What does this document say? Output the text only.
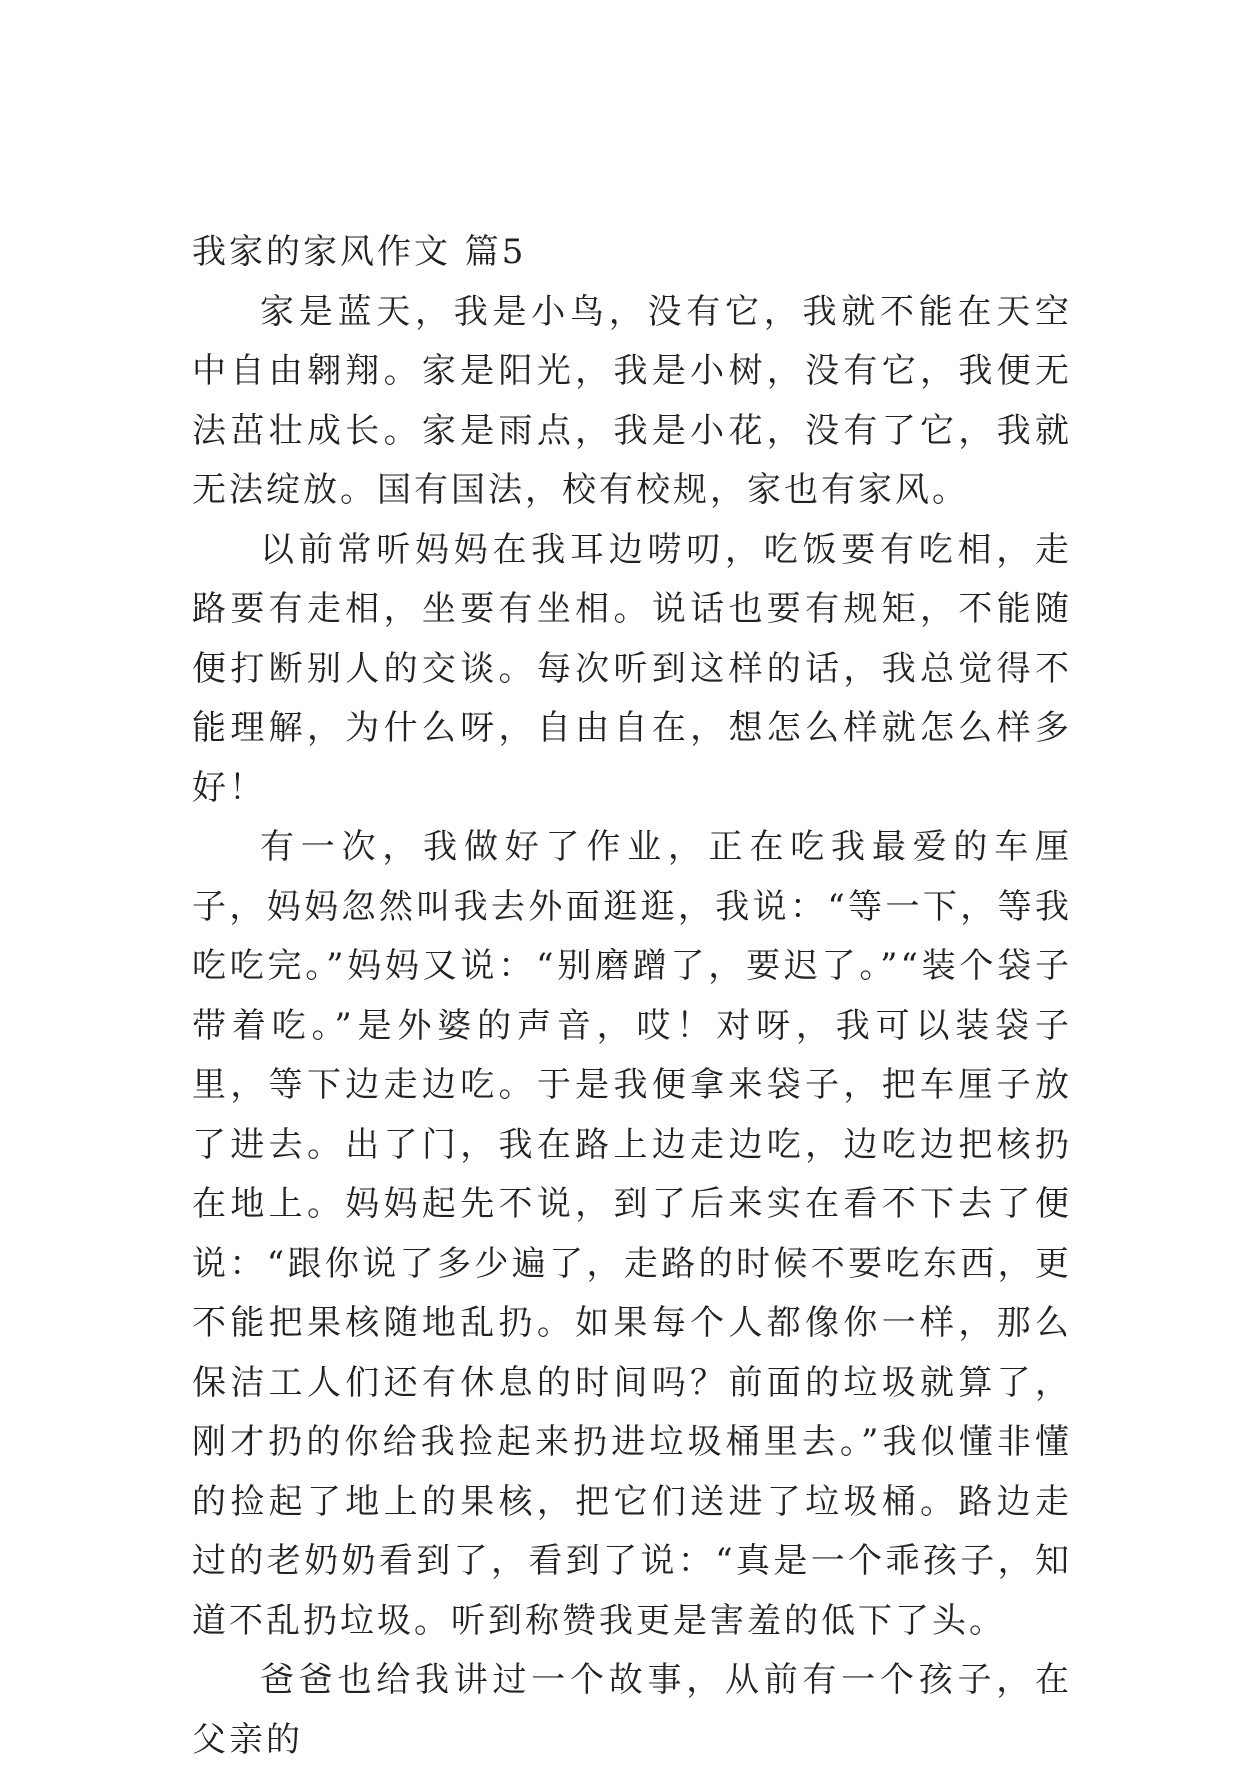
我家的家风作文 篇5

家是蓝天，我是小鸟，没有它，我就不能在天空中自由翱翔。家是阳光，我是小树，没有它，我便无法茁壮成长。家是雨点，我是小花，没有了它，我就无法绽放。国有国法，校有校规，家也有家风。

以前常听妈妈在我耳边唠叨，吃饭要有吃相，走路要有走相，坐要有坐相。说话也要有规矩，不能随便打断别人的交谈。每次听到这样的话，我总觉得不能理解，为什么呀，自由自在，想怎么样就怎么样多好！

有一次，我做好了作业，正在吃我最爱的车厘子，妈妈忽然叫我去外面逛逛，我说：“等一下，等我吃吃完。”妈妈又说：“别磨蹭了，要迟了。”“装个袋子带着吃。”是外婆的声音，哎！对呀，我可以装袋子里，等下边走边吃。于是我便拿来袋子，把车厘子放了进去。出了门，我在路上边走边吃，边吃边把核扔在地上。妈妈起先不说，到了后来实在看不下去了便说：“跟你说了多少遍了，走路的时候不要吃东西，更不能把果核随地乱扔。如果每个人都像你一样，那么保洁工人们还有休息的时间吗？前面的垃圾就算了，刚才扔的你给我捡起来扔进垃圾桶里去。”我似懂非懂的捡起了地上的果核，把它们送进了垃圾桶。路边走过的老奶奶看到了，看到了说：“真是一个乖孩子，知道不乱扔垃圾。听到称赞我更是害羞的低下了头。

爸爸也给我讲过一个故事，从前有一个孩子，在父亲的
